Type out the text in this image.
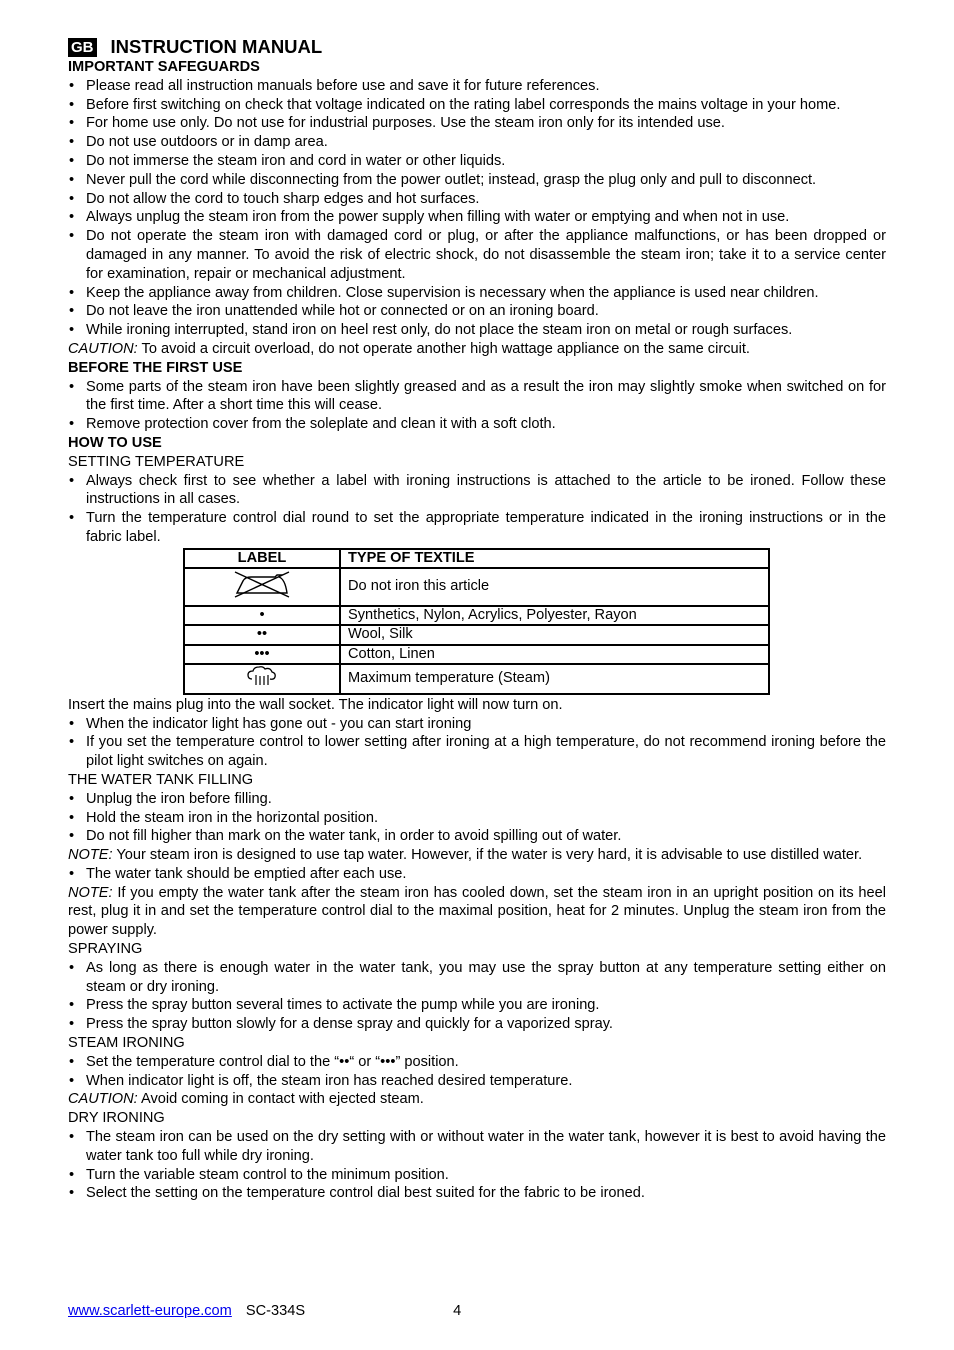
GB INSTRUCTION MANUAL
IMPORTANT SAFEGUARDS
• Please read all instruction manuals before use and save it for future references.
• Before first switching on check that voltage indicated on the rating label corresponds the mains voltage in your home.
• For home use only. Do not use for industrial purposes. Use the steam iron only for its intended use.
• Do not use outdoors or in damp area.
• Do not immerse the steam iron and cord in water or other liquids.
• Never pull the cord while disconnecting from the power outlet; instead, grasp the plug only and pull to disconnect.
• Do not allow the cord to touch sharp edges and hot surfaces.
• Always unplug the steam iron from the power supply when filling with water or emptying and when not in use.
• Do not operate the steam iron with damaged cord or plug, or after the appliance malfunctions, or has been dropped or damaged in any manner. To avoid the risk of electric shock, do not disassemble the steam iron; take it to a service center for examination, repair or mechanical adjustment.
• Keep the appliance away from children. Close supervision is necessary when the appliance is used near children.
• Do not leave the iron unattended while hot or connected or on an ironing board.
• While ironing interrupted, stand iron on heel rest only, do not place the steam iron on metal or rough surfaces.
CAUTION: To avoid a circuit overload, do not operate another high wattage appliance on the same circuit.
BEFORE THE FIRST USE
• Some parts of the steam iron have been slightly greased and as a result the iron may slightly smoke when switched on for the first time. After a short time this will cease.
• Remove protection cover from the soleplate and clean it with a soft cloth.
HOW TO USE
SETTING TEMPERATURE
• Always check first to see whether a label with ironing instructions is attached to the article to be ironed. Follow these instructions in all cases.
• Turn the temperature control dial round to set the appropriate temperature indicated in the ironing instructions or in the fabric label.
LABEL	TYPE OF TEXTILE
	Do not iron this article
•	Synthetics, Nylon, Acrylics, Polyester, Rayon
••	Wool, Silk
•••	Cotton, Linen
	Maximum temperature (Steam)
Insert the mains plug into the wall socket. The indicator light will now turn on.
• When the indicator light has gone out - you can start ironing
• If you set the temperature control to lower setting after ironing at a high temperature, do not recommend ironing before the pilot light switches on again.
THE WATER TANK FILLING
• Unplug the iron before filling.
• Hold the steam iron in the horizontal position.
• Do not fill higher than mark on the water tank, in order to avoid spilling out of water.
NOTE: Your steam iron is designed to use tap water. However, if the water is very hard, it is advisable to use distilled water.
• The water tank should be emptied after each use.
NOTE: If you empty the water tank after the steam iron has cooled down, set the steam iron in an upright position on its heel rest, plug it in and set the temperature control dial to the maximal position, heat for 2 minutes. Unplug the steam iron from the power supply.
SPRAYING
• As long as there is enough water in the water tank, you may use the spray button at any temperature setting either on steam or dry ironing.
• Press the spray button several times to activate the pump while you are ironing.
• Press the spray button slowly for a dense spray and quickly for a vaporized spray.
STEAM IRONING
• Set the temperature control dial to the “••“ or “•••” position.
• When indicator light is off, the steam iron has reached desired temperature.
CAUTION: Avoid coming in contact with ejected steam.
DRY IRONING
• The steam iron can be used on the dry setting with or without water in the water tank, however it is best to avoid having the water tank too full while dry ironing.
• Turn the variable steam control to the minimum position.
• Select the setting on the temperature control dial best suited for the fabric to be ironed.
www.scarlett-europe.com SC-334S	4
